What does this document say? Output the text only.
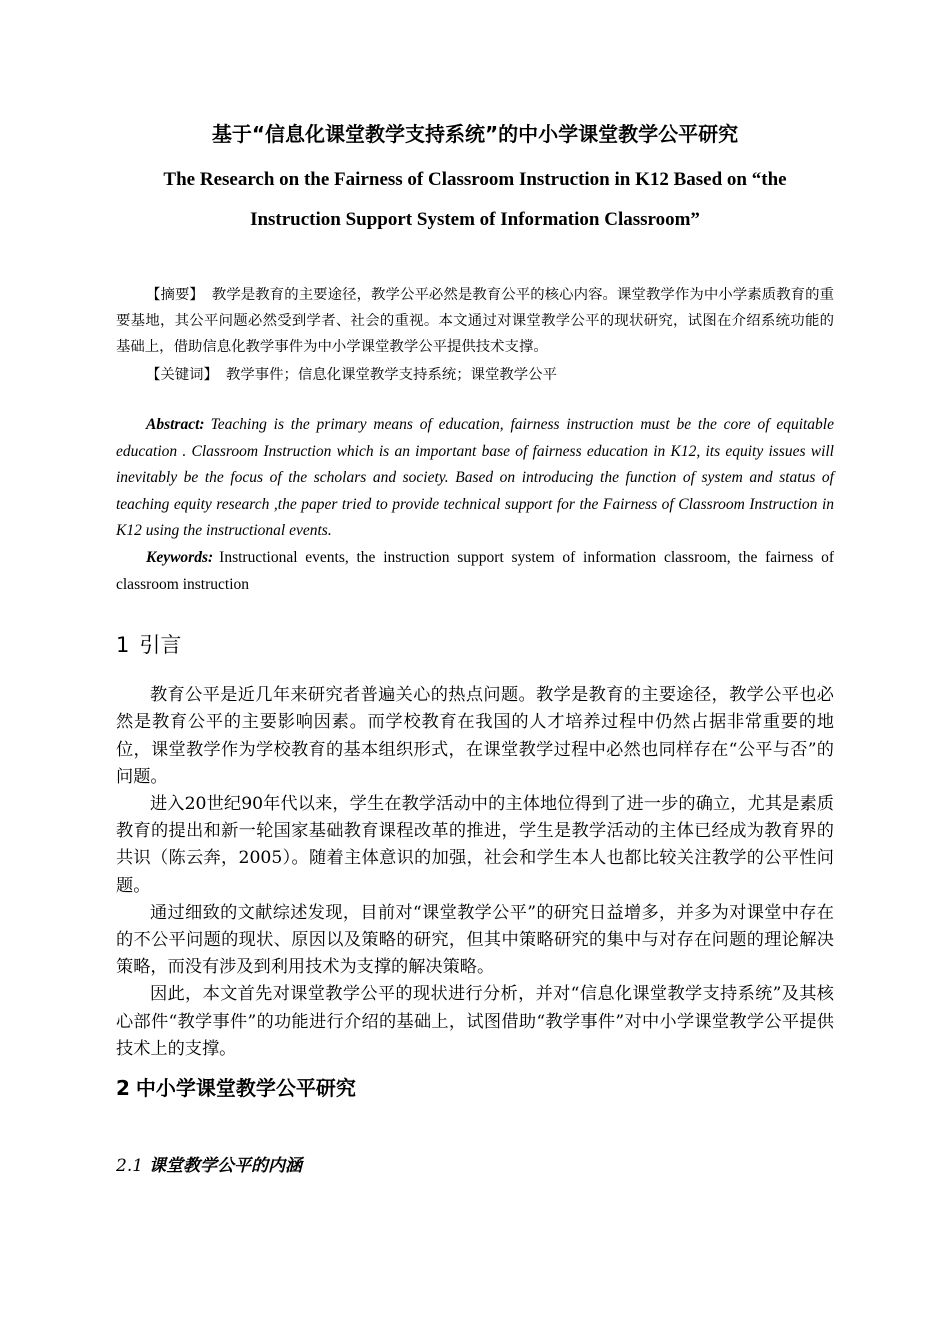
基于“信息化课堂教学支持系统”的中小学课堂教学公平研究
The Research on the Fairness of Classroom Instruction in K12 Based on “the
Instruction Support System of Information Classroom”

【摘要】 教学是教育的主要途径，教学公平必然是教育公平的核心内容。课堂教学作为中小学素质教育的重要基地，其公平问题必然受到学者、社会的重视。本文通过对课堂教学公平的现状研究，试图在介绍系统功能的基础上，借助信息化教学事件为中小学课堂教学公平提供技术支撑。

【关键词】 教学事件；信息化课堂教学支持系统；课堂教学公平

Abstract: Teaching is the primary means of education, fairness instruction must be the core of equitable education . Classroom Instruction which is an important base of fairness education in K12, its equity issues will inevitably be the focus of the scholars and society. Based on introducing the function of system and status of teaching equity research ,the paper tried to provide technical support for the Fairness of Classroom Instruction in K12 using the instructional events.

Keywords: Instructional events, the instruction support system of information classroom, the fairness of classroom instruction

1 引言

教育公平是近几年来研究者普遍关心的热点问题。教学是教育的主要途径，教学公平也必然是教育公平的主要影响因素。而学校教育在我国的人才培养过程中仍然占据非常重要的地位，课堂教学作为学校教育的基本组织形式，在课堂教学过程中必然也同样存在“公平与否”的问题。

进入20世纪90年代以来，学生在教学活动中的主体地位得到了进一步的确立，尤其是素质教育的提出和新一轮国家基础教育课程改革的推进，学生是教学活动的主体已经成为教育界的共识（陈云奔，2005）。随着主体意识的加强，社会和学生本人也都比较关注教学的公平性问题。

通过细致的文献综述发现，目前对“课堂教学公平”的研究日益增多，并多为对课堂中存在的不公平问题的现状、原因以及策略的研究，但其中策略研究的集中与对存在问题的理论解决策略，而没有涉及到利用技术为支撑的解决策略。

因此，本文首先对课堂教学公平的现状进行分析，并对“信息化课堂教学支持系统”及其核心部件“教学事件”的功能进行介绍的基础上，试图借助“教学事件”对中小学课堂教学公平提供技术上的支撑。

2 中小学课堂教学公平研究
2.1 课堂教学公平的内涵
